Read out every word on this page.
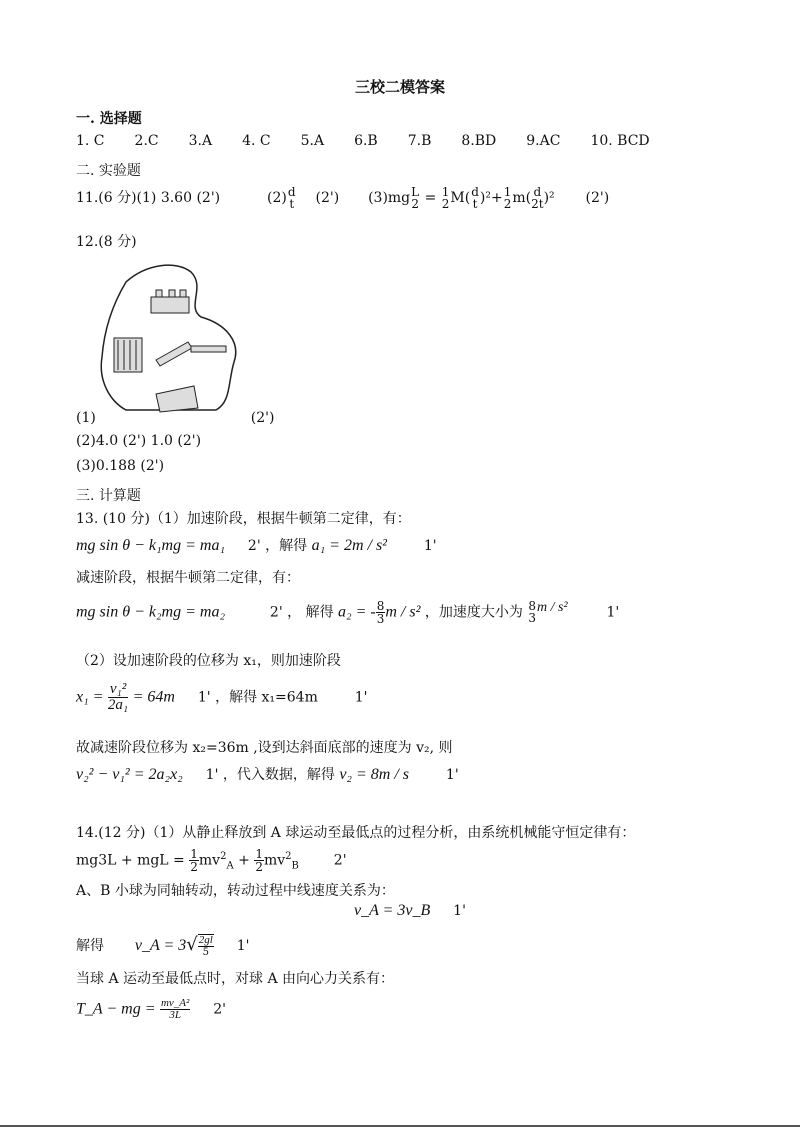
三校二模答案
一. 选择题
1. C 2.C 3.A 4. C 5.A 6.B 7.B 8.BD 9.AC 10. BCD
二. 实验题
11.(6 分)(1) 3.60 (2')	(2) d
t (2') (3)mg L
2 = 1
2 M( d
t )²+ 1
2 m( d
2t )² (2')
12.(8 分)
(1)	(2')
(2)4.0 (2') 1.0 (2')
(3)0.188 (2')
三. 计算题
13. (10 分)（1）加速阶段，根据牛顿第二定律，有：
mg sin θ − k₁mg = ma₁ 2' ，解得 a₁ = 2m / s²	1'
减速阶段，根据牛顿第二定律，有：
mg sin θ − k₂mg = ma₂	2' ， 解得 a₂ = - $\frac{8}{3}$ m / s² ，加速度大小为 8
3
m / s²	1'
（2）设加速阶段的位移为 x₁，则加速阶段
$x_1 = \frac{\text{v₁²}}{\text{2a₁}} = 64m$ 1' ，解得 x₁=64m	1'
故减速阶段位移为 x₂=36m ,设到达斜面底部的速度为 v₂, 则
v₂² − v₁² = 2a₂x₂ 1' ，代入数据，解得 v₂ = 8m / s	1'
14.(12 分)（1）从静止释放到 A 球运动至最低点的过程分析，由系统机械能守恒定律有：
mg3L + mgL = $\frac{1}{2} mv^2_A + \frac{1}{2} mv^2_B$ 2'
A、B 小球为同轴转动，转动过程中线速度关系为：
v_A = 3v_B 1'
解得 v_A = $3√ \frac{2gl}{5} 1'$
当球 A 运动至最低点时，对球 A 由向心力关系有：
T_A − mg = $\frac{\text{mv\_A²}}{3L} 2'$
